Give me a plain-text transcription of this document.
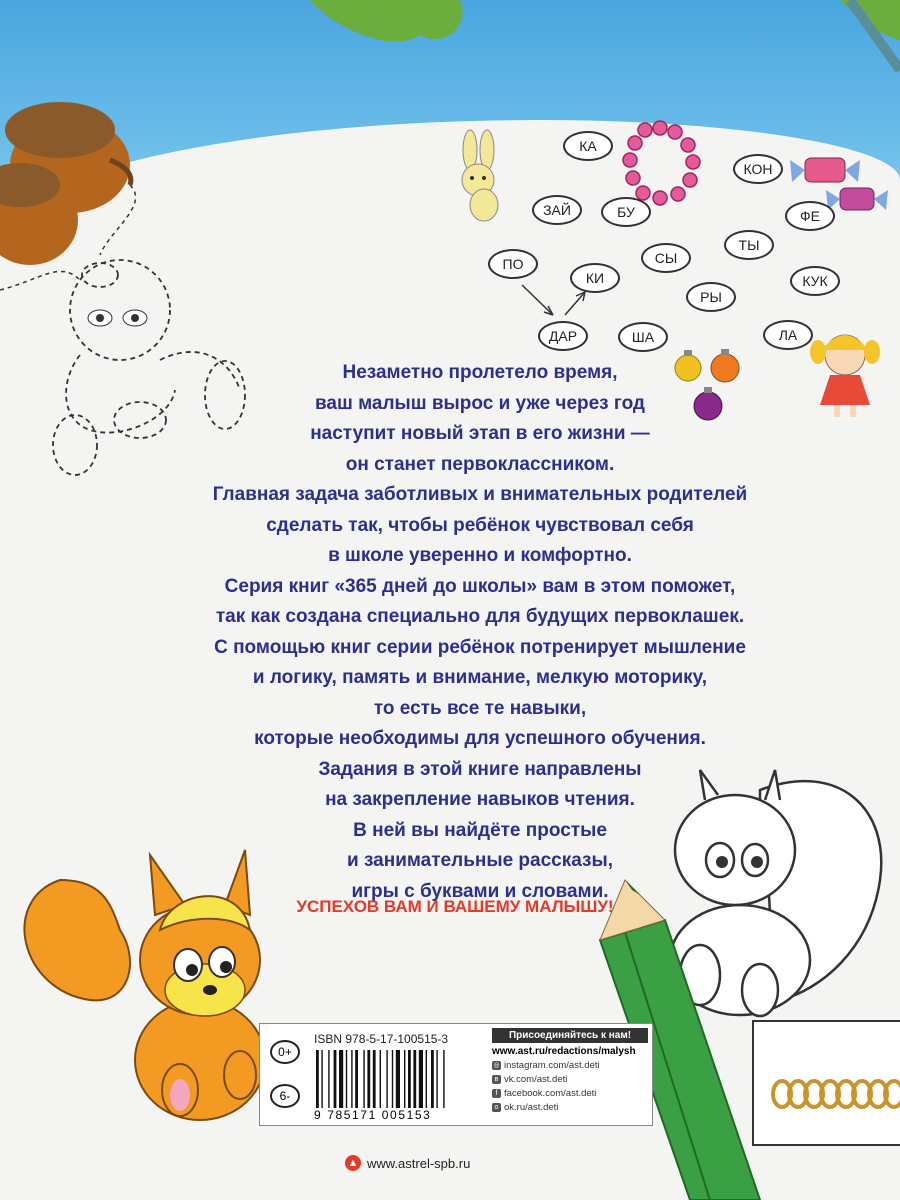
КА
КОН
ЗАЙ	БУ	ФЕ
ПО
КИ
СЫ
ТЫ
КУК
РЫ
ДАР	ША	ЛА
Незаметно пролетело время,
ваш малыш вырос и уже через год
наступит новый этап в его жизни —
он станет первоклассником.
Главная задача заботливых и внимательных родителей
сделать так, чтобы ребёнок чувствовал себя
в школе уверенно и комфортно.
Серия книг «365 дней до школы» вам в этом поможет,
так как создана специально для будущих первоклашек.
С помощью книг серии ребёнок потренирует мышление
и логику, память и внимание, мелкую моторику,
то есть все те навыки,
которые необходимы для успешного обучения.
Задания в этой книге направлены
на закрепление навыков чтения.
В ней вы найдёте простые
и занимательные рассказы,
игры с буквами и словами.
УСПЕХОВ ВАМ И ВАШЕМУ МАЛЫШУ!
0+
6-
ISBN 978-5-17-100515-3
9 785171 005153
Присоединяйтесь к нам!
www.ast.ru/redactions/malysh
◎ instagram.com/ast.deti
в vk.com/ast.deti
f facebook.com/ast.deti
о ok.ru/ast.deti
▲ www.astrel-spb.ru
